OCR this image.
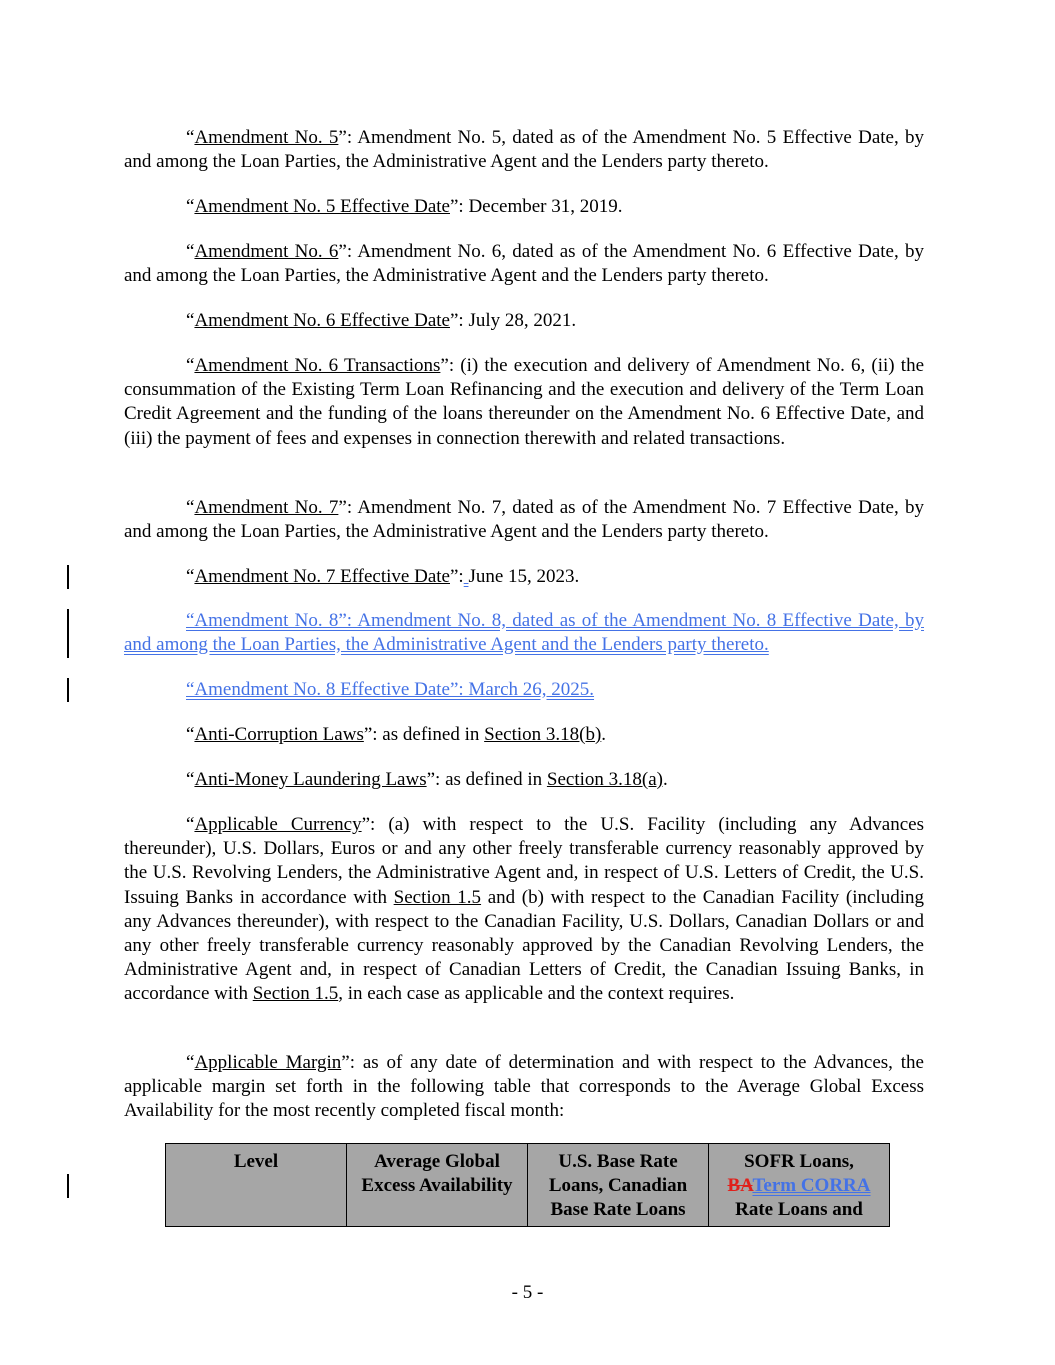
“Amendment No. 5”: Amendment No. 5, dated as of the Amendment No. 5 Effective Date, by and among the Loan Parties, the Administrative Agent and the Lenders party thereto.

“Amendment No. 5 Effective Date”: December 31, 2019.

“Amendment No. 6”: Amendment No. 6, dated as of the Amendment No. 6 Effective Date, by and among the Loan Parties, the Administrative Agent and the Lenders party thereto.

“Amendment No. 6 Effective Date”: July 28, 2021.

“Amendment No. 6 Transactions”: (i) the execution and delivery of Amendment No. 6, (ii) the consummation of the Existing Term Loan Refinancing and the execution and delivery of the Term Loan Credit Agreement and the funding of the loans thereunder on the Amendment No. 6 Effective Date, and (iii) the payment of fees and expenses in connection therewith and related transactions.

“Amendment No. 7”: Amendment No. 7, dated as of the Amendment No. 7 Effective Date, by and among the Loan Parties, the Administrative Agent and the Lenders party thereto.

“Amendment No. 7 Effective Date”: June 15, 2023.

“Amendment No. 8”: Amendment No. 8, dated as of the Amendment No. 8 Effective Date, by and among the Loan Parties, the Administrative Agent and the Lenders party thereto.

“Amendment No. 8 Effective Date”: March 26, 2025.

“Anti-Corruption Laws”: as defined in Section 3.18(b).

“Anti-Money Laundering Laws”: as defined in Section 3.18(a).

“Applicable Currency”: (a) with respect to the U.S. Facility (including any Advances thereunder), U.S. Dollars, Euros or and any other freely transferable currency reasonably approved by the U.S. Revolving Lenders, the Administrative Agent and, in respect of U.S. Letters of Credit, the U.S. Issuing Banks in accordance with Section 1.5 and (b) with respect to the Canadian Facility (including any Advances thereunder), with respect to the Canadian Facility, U.S. Dollars, Canadian Dollars or and any other freely transferable currency reasonably approved by the Canadian Revolving Lenders, the Administrative Agent and, in respect of Canadian Letters of Credit, the Canadian Issuing Banks, in accordance with Section 1.5, in each case as applicable and the context requires.

“Applicable Margin”: as of any date of determination and with respect to the Advances, the applicable margin set forth in the following table that corresponds to the Average Global Excess Availability for the most recently completed fiscal month:

Level	Average Global Excess Availability	U.S. Base Rate Loans, Canadian Base Rate Loans	SOFR Loans,
BATerm CORRA
Rate Loans and
- 5 -
